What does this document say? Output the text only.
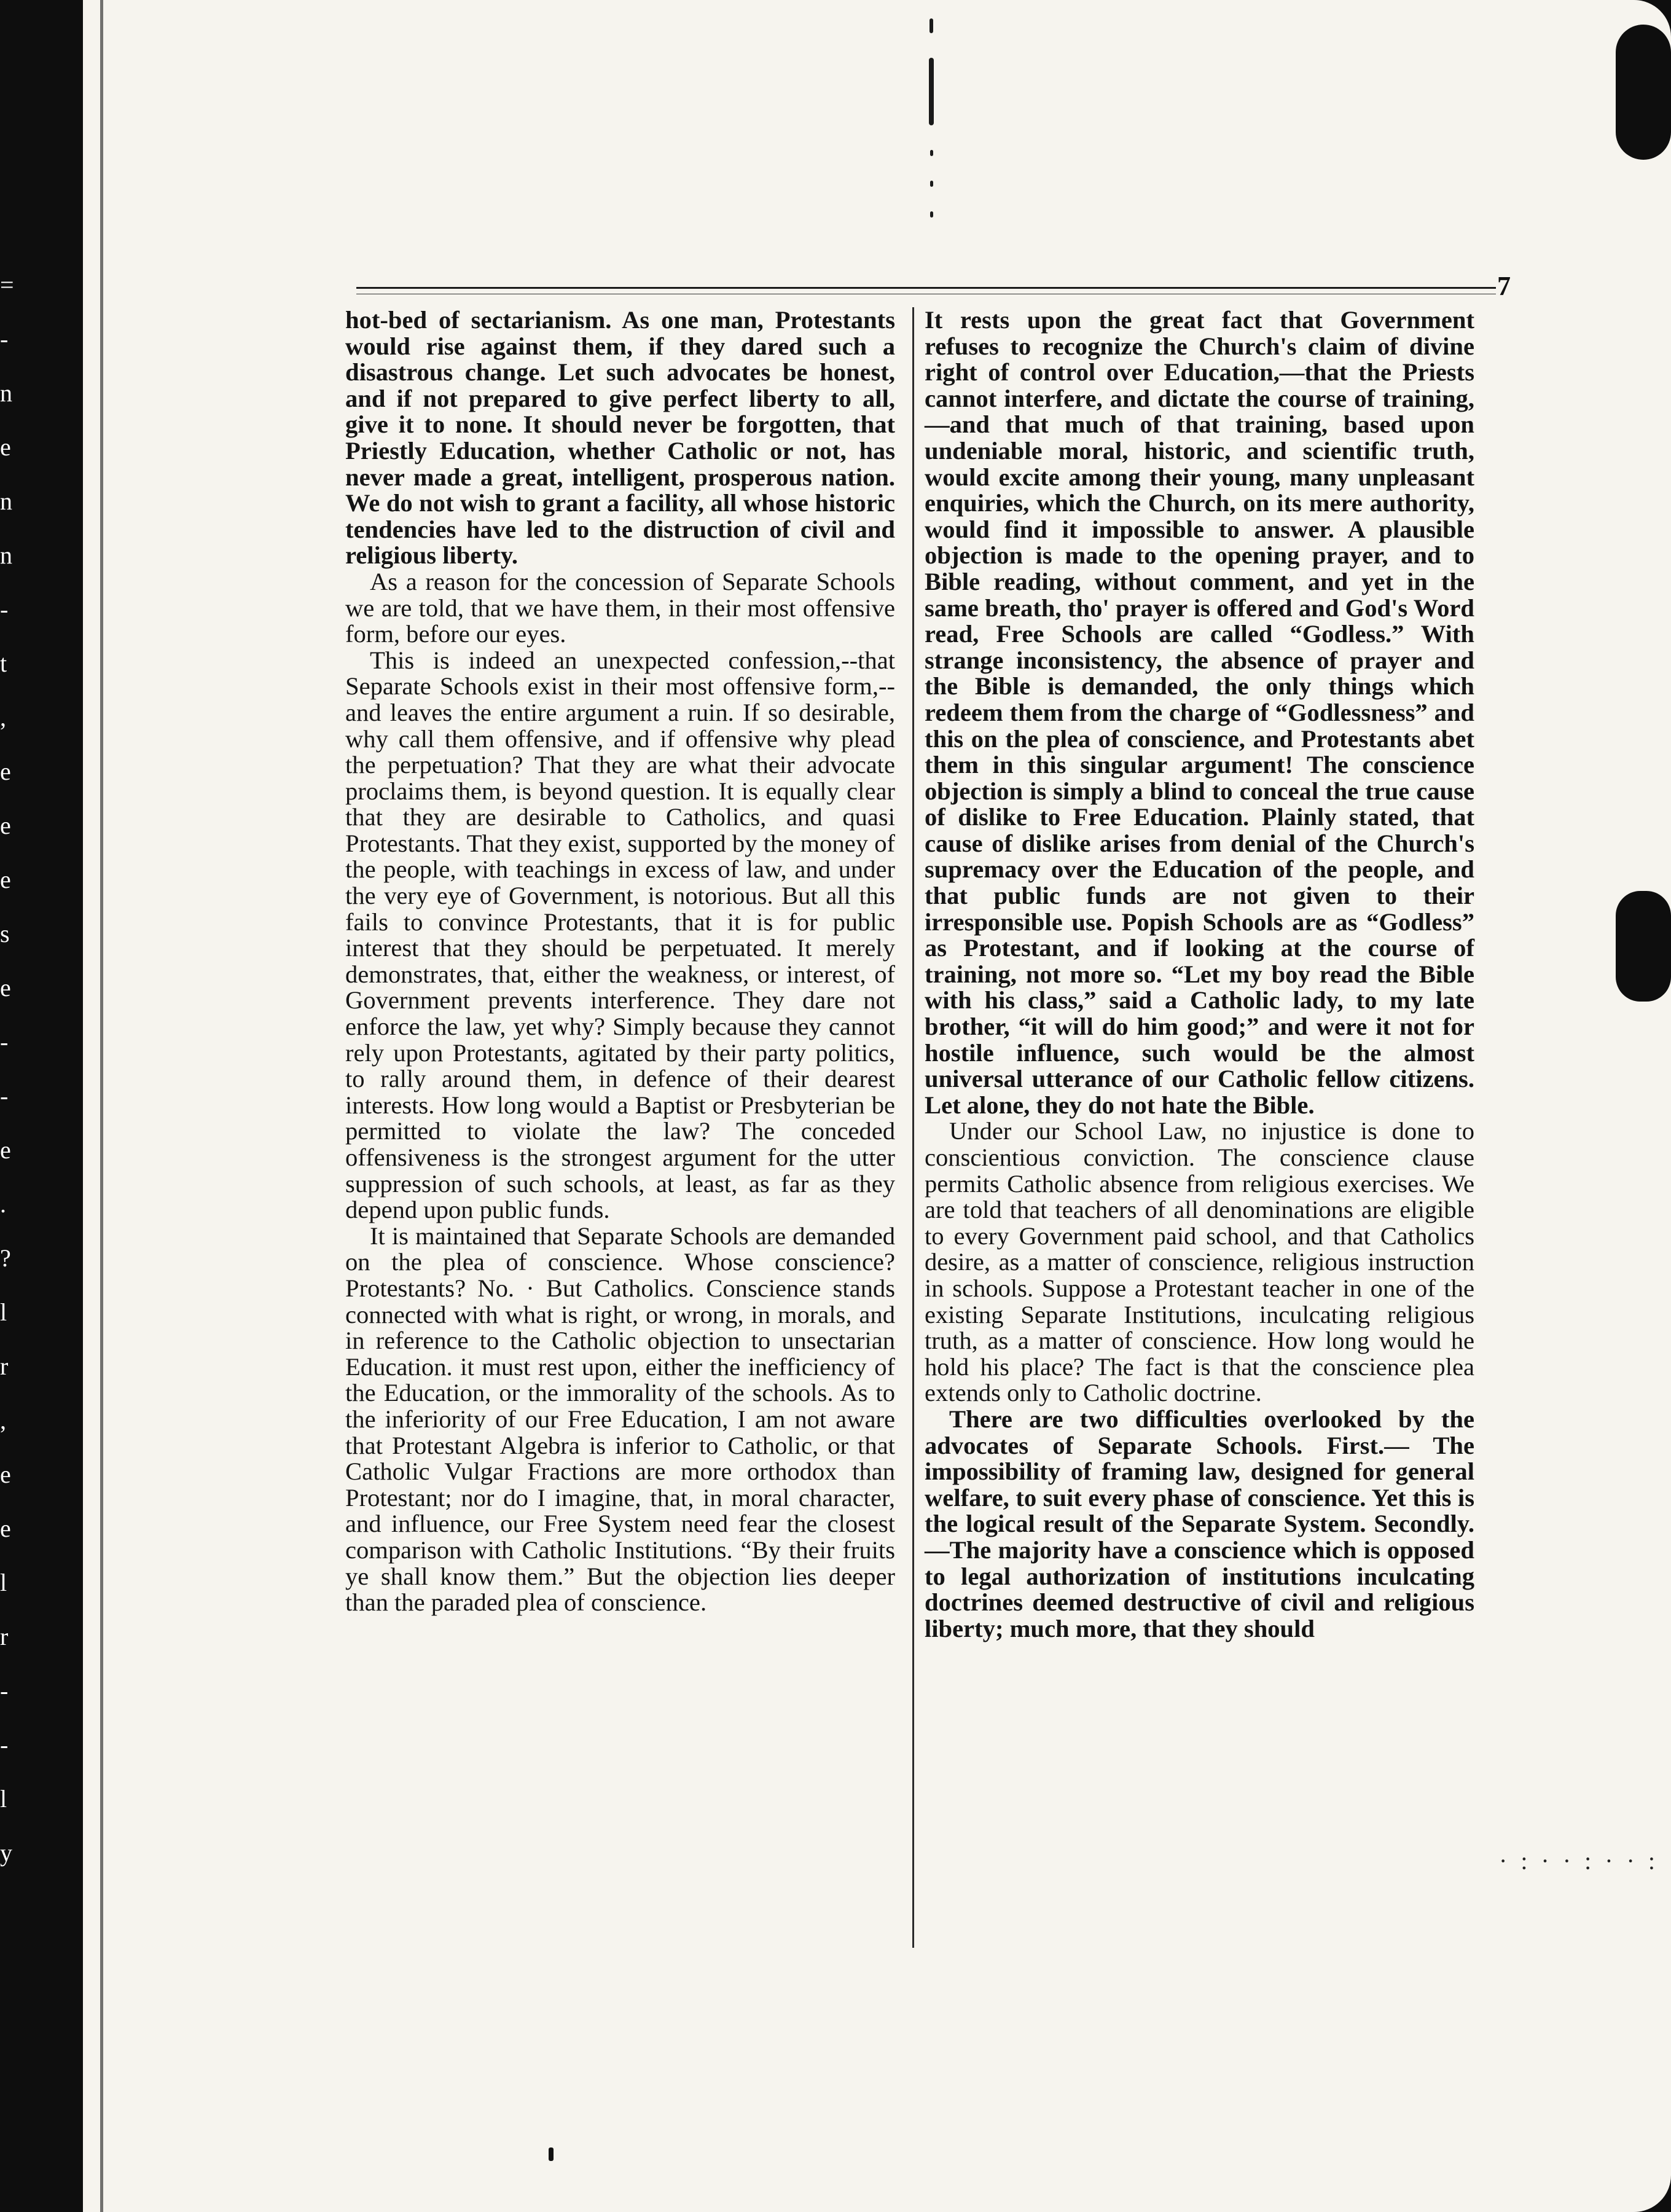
=
-
n
e
n
n
-
t
,
e
e
e
s
e
-
-
e
.
?
l
r
,
e
e
l
r
-
-
l
y
7

hot-bed of sectarianism. As one man, Protestants would rise against them, if they dared such a disastrous change. Let such advocates be honest, and if not prepared to give perfect liberty to all, give it to none. It should never be forgotten, that Priestly Education, whether Catholic or not, has never made a great, intelligent, prosperous nation. We do not wish to grant a facility, all whose historic tendencies have led to the distruction of civil and religious liberty.

As a reason for the concession of Separate Schools we are told, that we have them, in their most offensive form, before our eyes.

This is indeed an unexpected confession,--that Separate Schools exist in their most offensive form,--and leaves the entire argument a ruin. If so desirable, why call them offensive, and if offensive why plead the perpetuation? That they are what their advocate proclaims them, is beyond question. It is equally clear that they are desirable to Catholics, and quasi Protestants. That they exist, supported by the money of the people, with teachings in excess of law, and under the very eye of Government, is notorious. But all this fails to convince Protestants, that it is for public interest that they should be perpetuated. It merely demonstrates, that, either the weakness, or interest, of Government prevents interference. They dare not enforce the law, yet why? Simply because they cannot rely upon Protestants, agitated by their party politics, to rally around them, in defence of their dearest interests. How long would a Baptist or Presbyterian be permitted to violate the law? The conceded offensiveness is the strongest argument for the utter suppression of such schools, at least, as far as they depend upon public funds.

It is maintained that Separate Schools are demanded on the plea of conscience. Whose conscience? Protestants? No. · But Catholics. Conscience stands connected with what is right, or wrong, in morals, and in reference to the Catholic objection to unsectarian Education. it must rest upon, either the inefficiency of the Education, or the immorality of the schools. As to the inferiority of our Free Education, I am not aware that Protestant Algebra is inferior to Catholic, or that Catholic Vulgar Fractions are more orthodox than Protestant; nor do I imagine, that, in moral character, and influence, our Free System need fear the closest comparison with Catholic Institutions. “By their fruits ye shall know them.” But the objection lies deeper than the paraded plea of conscience.

It rests upon the great fact that Government refuses to recognize the Church's claim of divine right of control over Education,—that the Priests cannot interfere, and dictate the course of training,—and that much of that training, based upon undeniable moral, historic, and scientific truth, would excite among their young, many unpleasant enquiries, which the Church, on its mere authority, would find it impossible to answer. A plausible objection is made to the opening prayer, and to Bible reading, without comment, and yet in the same breath, tho' prayer is offered and God's Word read, Free Schools are called “Godless.” With strange inconsistency, the absence of prayer and the Bible is demanded, the only things which redeem them from the charge of “Godlessness” and this on the plea of conscience, and Protestants abet them in this singular argument! The conscience objection is simply a blind to conceal the true cause of dislike to Free Education. Plainly stated, that cause of dislike arises from denial of the Church's supremacy over the Education of the people, and that public funds are not given to their irresponsible use. Popish Schools are as “Godless” as Protestant, and if looking at the course of training, not more so. “Let my boy read the Bible with his class,” said a Catholic lady, to my late brother, “it will do him good;” and were it not for hostile influence, such would be the almost universal utterance of our Catholic fellow citizens. Let alone, they do not hate the Bible.

Under our School Law, no injustice is done to conscientious conviction. The conscience clause permits Catholic absence from religious exercises. We are told that teachers of all denominations are eligible to every Government paid school, and that Catholics desire, as a matter of conscience, religious instruction in schools. Suppose a Protestant teacher in one of the existing Separate Institutions, inculcating religious truth, as a matter of conscience. How long would he hold his place? The fact is that the conscience plea extends only to Catholic doctrine.

There are two difficulties overlooked by the advocates of Separate Schools. First.— The impossibility of framing law, designed for general welfare, to suit every phase of conscience. Yet this is the logical result of the Separate System. Secondly.—The majority have a conscience which is opposed to legal authorization of institutions inculcating doctrines deemed destructive of civil and religious liberty; much more, that they should

· : · · : · · :
